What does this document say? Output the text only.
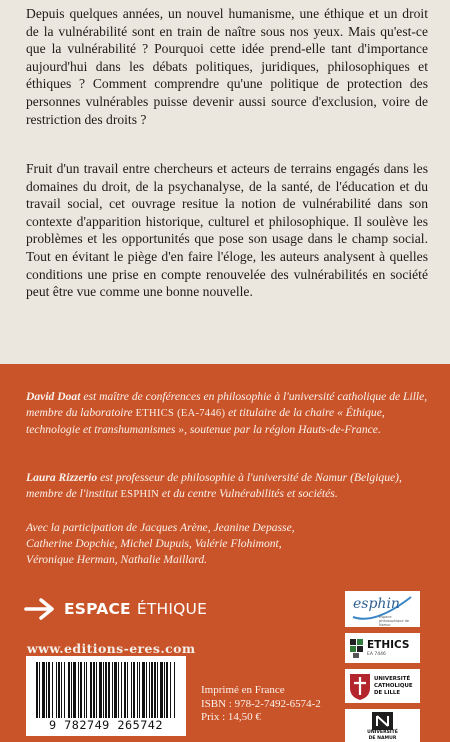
Depuis quelques années, un nouvel humanisme, une éthique et un droit de la vulnérabilité sont en train de naître sous nos yeux. Mais qu'est-ce que la vulnérabilité ? Pourquoi cette idée prend-elle tant d'importance aujourd'hui dans les débats politiques, juridiques, philosophiques et éthiques ? Comment comprendre qu'une politique de protection des personnes vulnérables puisse devenir aussi source d'exclusion, voire de restriction des droits ?

Fruit d'un travail entre chercheurs et acteurs de terrains engagés dans les domaines du droit, de la psychanalyse, de la santé, de l'éducation et du travail social, cet ouvrage resitue la notion de vulnérabilité dans son contexte d'apparition historique, culturel et philosophique. Il soulève les problèmes et les opportunités que pose son usage dans le champ social. Tout en évitant le piège d'en faire l'éloge, les auteurs analysent à quelles conditions une prise en compte renouvelée des vulnérabilités en société peut être vue comme une bonne nouvelle.

David Doat est maître de conférences en philosophie à l'université catholique de Lille, membre du laboratoire ETHICS (EA-7446) et titulaire de la chaire « Éthique, technologie et transhumanismes », soutenue par la région Hauts-de-France.

Laura Rizzerio est professeur de philosophie à l'université de Namur (Belgique), membre de l'institut ESPHIN et du centre Vulnérabilités et sociétés.

Avec la participation de Jacques Arène, Jeanine Depasse, Catherine Dopchie, Michel Dupuis, Valérie Flohimont, Véronique Herman, Nathalie Maillard.

ESPACE ÉTHIQUE
www.editions-eres.com
9 782749 265742
Imprimé en France
ISBN : 978-2-7492-6574-2
Prix : 14,50 €
esphin
Espace philosophique de Namur
ETHICS
EA 7446
UNIVERSITÉ
CATHOLIQUE
DE LILLE
UNIVERSITÉ
DE NAMUR
